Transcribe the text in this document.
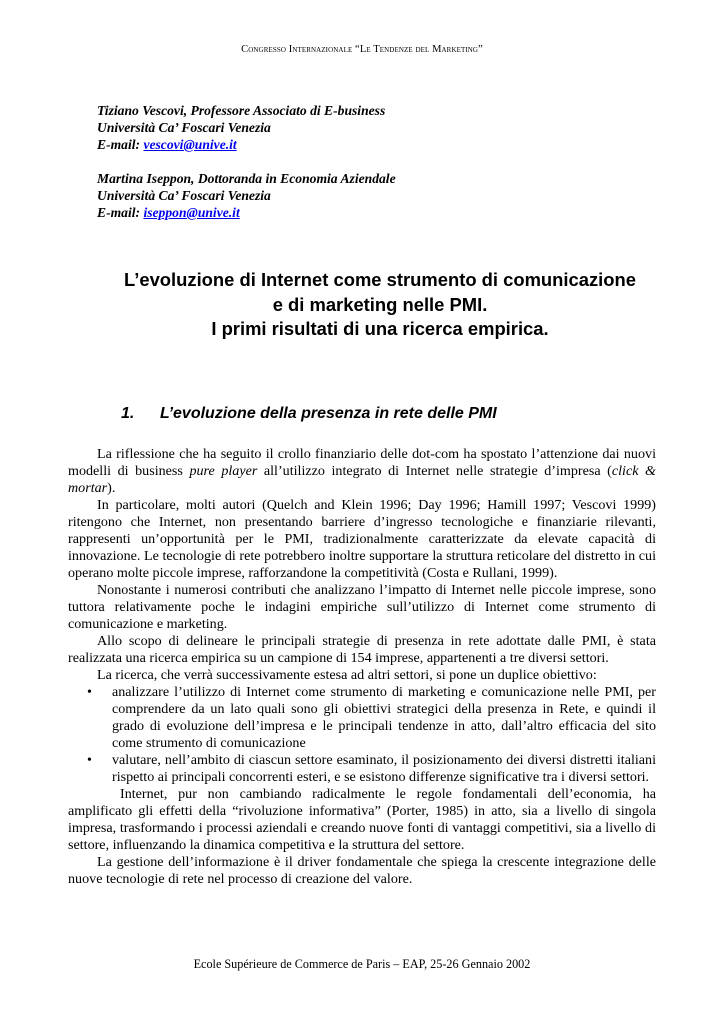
Congresso Internazionale “Le Tendenze del Marketing”
Tiziano Vescovi, Professore Associato di E-business
Università Ca’ Foscari Venezia
E-mail: vescovi@unive.it
Martina Iseppon, Dottoranda in Economia Aziendale
Università Ca’ Foscari Venezia
E-mail: iseppon@unive.it
L’evoluzione di Internet come strumento di comunicazione
e di marketing nelle PMI.
I primi risultati di una ricerca empirica.
1. L’evoluzione della presenza in rete delle PMI

La riflessione che ha seguito il crollo finanziario delle dot-com ha spostato l’attenzione dai nuovi modelli di business pure player all’utilizzo integrato di Internet nelle strategie d’impresa (click & mortar).

In particolare, molti autori (Quelch and Klein 1996; Day 1996; Hamill 1997; Vescovi 1999) ritengono che Internet, non presentando barriere d’ingresso tecnologiche e finanziarie rilevanti, rappresenti un’opportunità per le PMI, tradizionalmente caratterizzate da elevate capacità di innovazione. Le tecnologie di rete potrebbero inoltre supportare la struttura reticolare del distretto in cui operano molte piccole imprese, rafforzandone la competitività (Costa e Rullani, 1999).

Nonostante i numerosi contributi che analizzano l’impatto di Internet nelle piccole imprese, sono tuttora relativamente poche le indagini empiriche sull’utilizzo di Internet come strumento di comunicazione e marketing.

Allo scopo di delineare le principali strategie di presenza in rete adottate dalle PMI, è stata realizzata una ricerca empirica su un campione di 154 imprese, appartenenti a tre diversi settori.

La ricerca, che verrà successivamente estesa ad altri settori, si pone un duplice obiettivo:

• analizzare l’utilizzo di Internet come strumento di marketing e comunicazione nelle PMI, per comprendere da un lato quali sono gli obiettivi strategici della presenza in Rete, e quindi il grado di evoluzione dell’impresa e le principali tendenze in atto, dall’altro efficacia del sito come strumento di comunicazione
• valutare, nell’ambito di ciascun settore esaminato, il posizionamento dei diversi distretti italiani rispetto ai principali concorrenti esteri, e se esistono differenze significative tra i diversi settori.

Internet, pur non cambiando radicalmente le regole fondamentali dell’economia, ha amplificato gli effetti della “rivoluzione informativa” (Porter, 1985) in atto, sia a livello di singola impresa, trasformando i processi aziendali e creando nuove fonti di vantaggi competitivi, sia a livello di settore, influenzando la dinamica competitiva e la struttura del settore.

La gestione dell’informazione è il driver fondamentale che spiega la crescente integrazione delle nuove tecnologie di rete nel processo di creazione del valore.

Ecole Supérieure de Commerce de Paris – EAP, 25-26 Gennaio 2002
